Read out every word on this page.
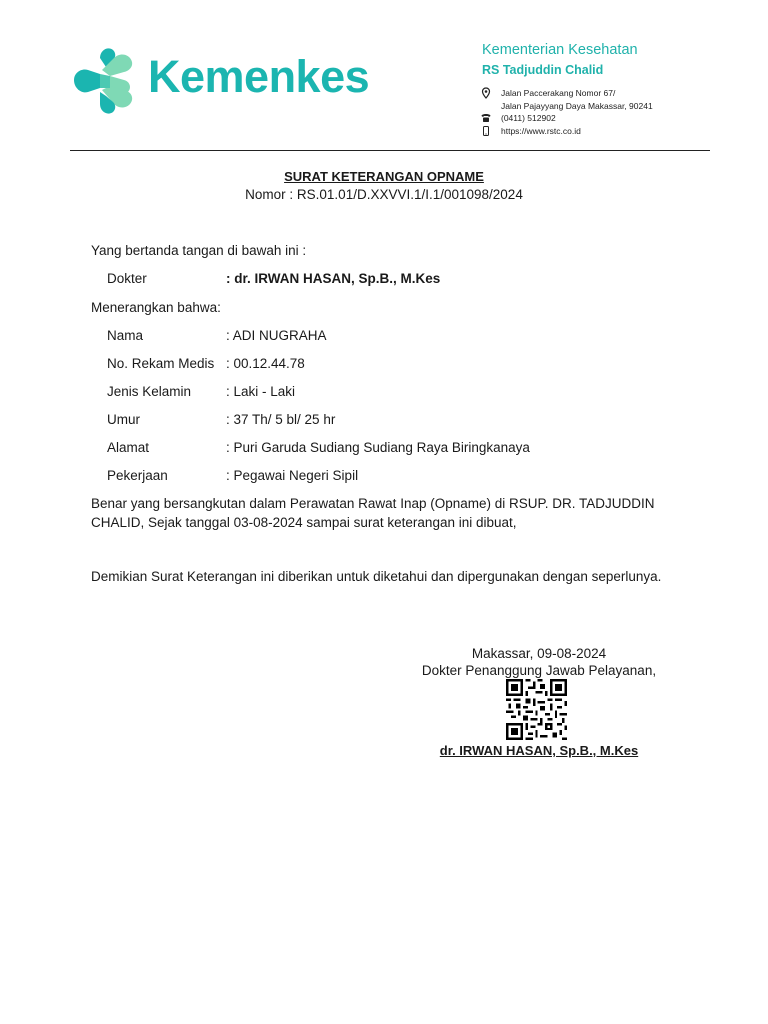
Kemenkes
Kementerian Kesehatan
RS Tadjuddin Chalid
Jalan Paccerakang Nomor 67/
Jalan Pajayyang Daya Makassar, 90241
(0411) 512902
https://www.rstc.co.id
SURAT KETERANGAN OPNAME
Nomor : RS.01.01/D.XXVVI.1/I.1/001098/2024
Yang bertanda tangan di bawah ini :
Dokter	: dr. IRWAN HASAN, Sp.B., M.Kes
Menerangkan bahwa:
Nama	: ADI NUGRAHA
No. Rekam Medis : 00.12.44.78
Jenis Kelamin	: Laki - Laki
Umur	: 37 Th/ 5 bl/ 25 hr
Alamat	: Puri Garuda Sudiang Sudiang Raya Biringkanaya
Pekerjaan	: Pegawai Negeri Sipil
Benar yang bersangkutan dalam Perawatan Rawat Inap (Opname) di RSUP. DR. TADJUDDIN CHALID, Sejak tanggal 03-08-2024 sampai surat keterangan ini dibuat,
Demikian Surat Keterangan ini diberikan untuk diketahui dan dipergunakan dengan seperlunya.
Makassar, 09-08-2024
Dokter Penanggung Jawab Pelayanan,
dr. IRWAN HASAN, Sp.B., M.Kes
